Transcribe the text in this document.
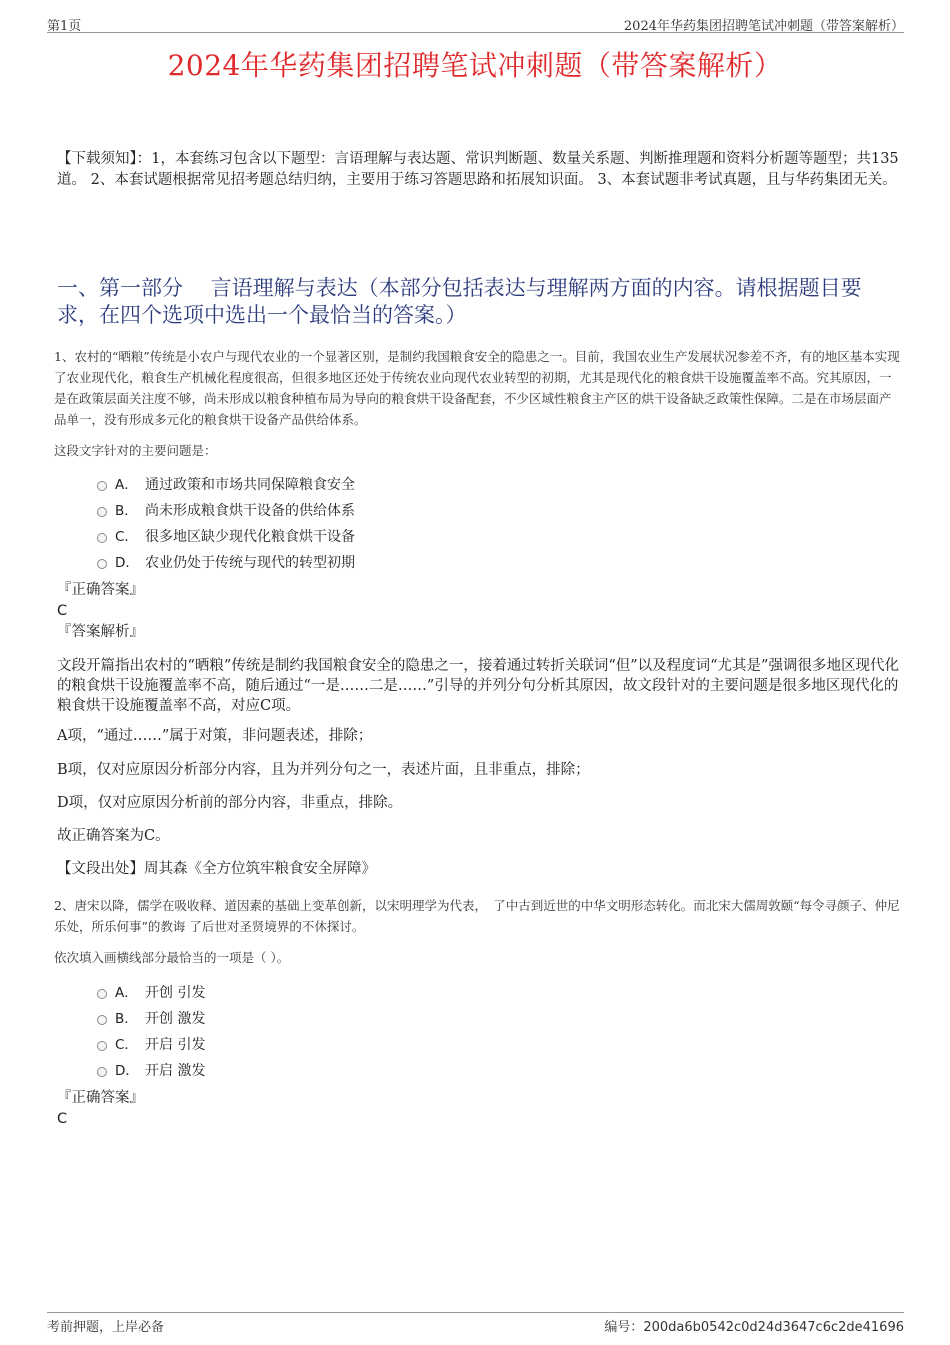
第1页	2024年华药集团招聘笔试冲刺题（带答案解析）
2024年华药集团招聘笔试冲刺题（带答案解析）
【下载须知】：1，本套练习包含以下题型：言语理解与表达题、常识判断题、数量关系题、判断推理题和资料分析题等题型；共135道。 2、本套试题根据常见招考题总结归纳，主要用于练习答题思路和拓展知识面。 3、本套试题非考试真题，且与华药集团无关。
一、第一部分　 言语理解与表达（本部分包括表达与理解两方面的内容。请根据题目要求，在四个选项中选出一个最恰当的答案。）
1、农村的“晒粮”传统是小农户与现代农业的一个显著区别，是制约我国粮食安全的隐患之一。目前，我国农业生产发展状况参差不齐，有的地区基本实现了农业现代化，粮食生产机械化程度很高，但很多地区还处于传统农业向现代农业转型的初期，尤其是现代化的粮食烘干设施覆盖率不高。究其原因，一是在政策层面关注度不够，尚未形成以粮食种植布局为导向的粮食烘干设备配套，不少区域性粮食主产区的烘干设备缺乏政策性保障。二是在市场层面产品单一，没有形成多元化的粮食烘干设备产品供给体系。
这段文字针对的主要问题是：
A． 通过政策和市场共同保障粮食安全
B． 尚未形成粮食烘干设备的供给体系
C． 很多地区缺少现代化粮食烘干设备
D． 农业仍处于传统与现代的转型初期
『正确答案』
C
『答案解析』
文段开篇指出农村的“晒粮”传统是制约我国粮食安全的隐患之一，接着通过转折关联词“但”以及程度词“尤其是”强调很多地区现代化的粮食烘干设施覆盖率不高，随后通过“一是……二是……”引导的并列分句分析其原因，故文段针对的主要问题是很多地区现代化的粮食烘干设施覆盖率不高，对应C项。
A项，“通过……”属于对策，非问题表述，排除；
B项，仅对应原因分析部分内容，且为并列分句之一，表述片面，且非重点，排除；
D项，仅对应原因分析前的部分内容，非重点，排除。
故正确答案为C。
【文段出处】周其森《全方位筑牢粮食安全屏障》
2、唐宋以降，儒学在吸收释、道因素的基础上变革创新，以宋明理学为代表，　了中古到近世的中华文明形态转化。而北宋大儒周敦颐“每令寻颜子、仲尼乐处，所乐何事”的教诲 了后世对圣贤境界的不休探讨。
依次填入画横线部分最恰当的一项是（ ）。
A． 开创 引发
B． 开创 激发
C． 开启 引发
D． 开启 激发
『正确答案』
C
考前押题，上岸必备	编号：200da6b0542c0d24d3647c6c2de41696
